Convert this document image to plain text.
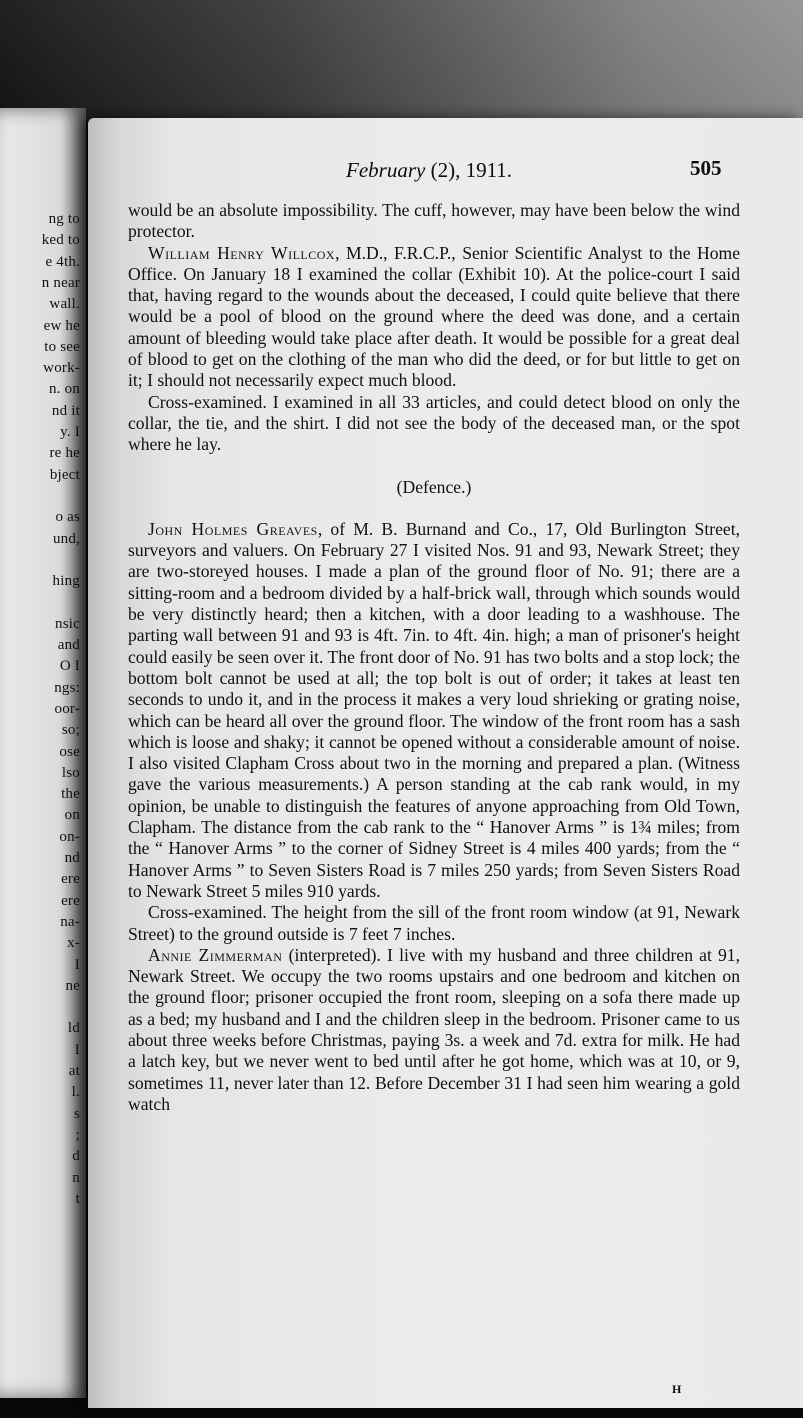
ng to
ked to
e 4th.
n near
wall.
ew he
to see
work-
n. on
nd it
y. I
re he
bject
o as
und,
hing
nsic
and
O I
ngs:
oor-
so;
ose
lso
the
on
on-
nd
ere
ere
na-
x-
I
ne
ld
I
at
l.
s
;
d
n
t
February (2), 1911.	505

would be an absolute impossibility. The cuff, however, may have been below the wind protector.

William Henry Willcox, M.D., F.R.C.P., Senior Scientific Analyst to the Home Office. On January 18 I examined the collar (Exhibit 10). At the police-court I said that, having regard to the wounds about the deceased, I could quite believe that there would be a pool of blood on the ground where the deed was done, and a certain amount of bleeding would take place after death. It would be possible for a great deal of blood to get on the clothing of the man who did the deed, or for but little to get on it; I should not necessarily expect much blood.

Cross-examined. I examined in all 33 articles, and could detect blood on only the collar, the tie, and the shirt. I did not see the body of the deceased man, or the spot where he lay.

(Defence.)

John Holmes Greaves, of M. B. Burnand and Co., 17, Old Burlington Street, surveyors and valuers. On February 27 I visited Nos. 91 and 93, Newark Street; they are two-storeyed houses. I made a plan of the ground floor of No. 91; there are a sitting-room and a bedroom divided by a half-brick wall, through which sounds would be very distinctly heard; then a kitchen, with a door leading to a washhouse. The parting wall between 91 and 93 is 4ft. 7in. to 4ft. 4in. high; a man of prisoner's height could easily be seen over it. The front door of No. 91 has two bolts and a stop lock; the bottom bolt cannot be used at all; the top bolt is out of order; it takes at least ten seconds to undo it, and in the process it makes a very loud shrieking or grating noise, which can be heard all over the ground floor. The window of the front room has a sash which is loose and shaky; it cannot be opened without a considerable amount of noise. I also visited Clapham Cross about two in the morning and prepared a plan. (Witness gave the various measurements.) A person standing at the cab rank would, in my opinion, be unable to distinguish the features of anyone approaching from Old Town, Clapham. The distance from the cab rank to the “ Hanover Arms ” is 1¾ miles; from the “ Hanover Arms ” to the corner of Sidney Street is 4 miles 400 yards; from the “ Hanover Arms ” to Seven Sisters Road is 7 miles 250 yards; from Seven Sisters Road to Newark Street 5 miles 910 yards.

Cross-examined. The height from the sill of the front room window (at 91, Newark Street) to the ground outside is 7 feet 7 inches.

Annie Zimmerman (interpreted). I live with my husband and three children at 91, Newark Street. We occupy the two rooms upstairs and one bedroom and kitchen on the ground floor; prisoner occupied the front room, sleeping on a sofa there made up as a bed; my husband and I and the children sleep in the bedroom. Prisoner came to us about three weeks before Christmas, paying 3s. a week and 7d. extra for milk. He had a latch key, but we never went to bed until after he got home, which was at 10, or 9, sometimes 11, never later than 12. Before December 31 I had seen him wearing a gold watch

H
